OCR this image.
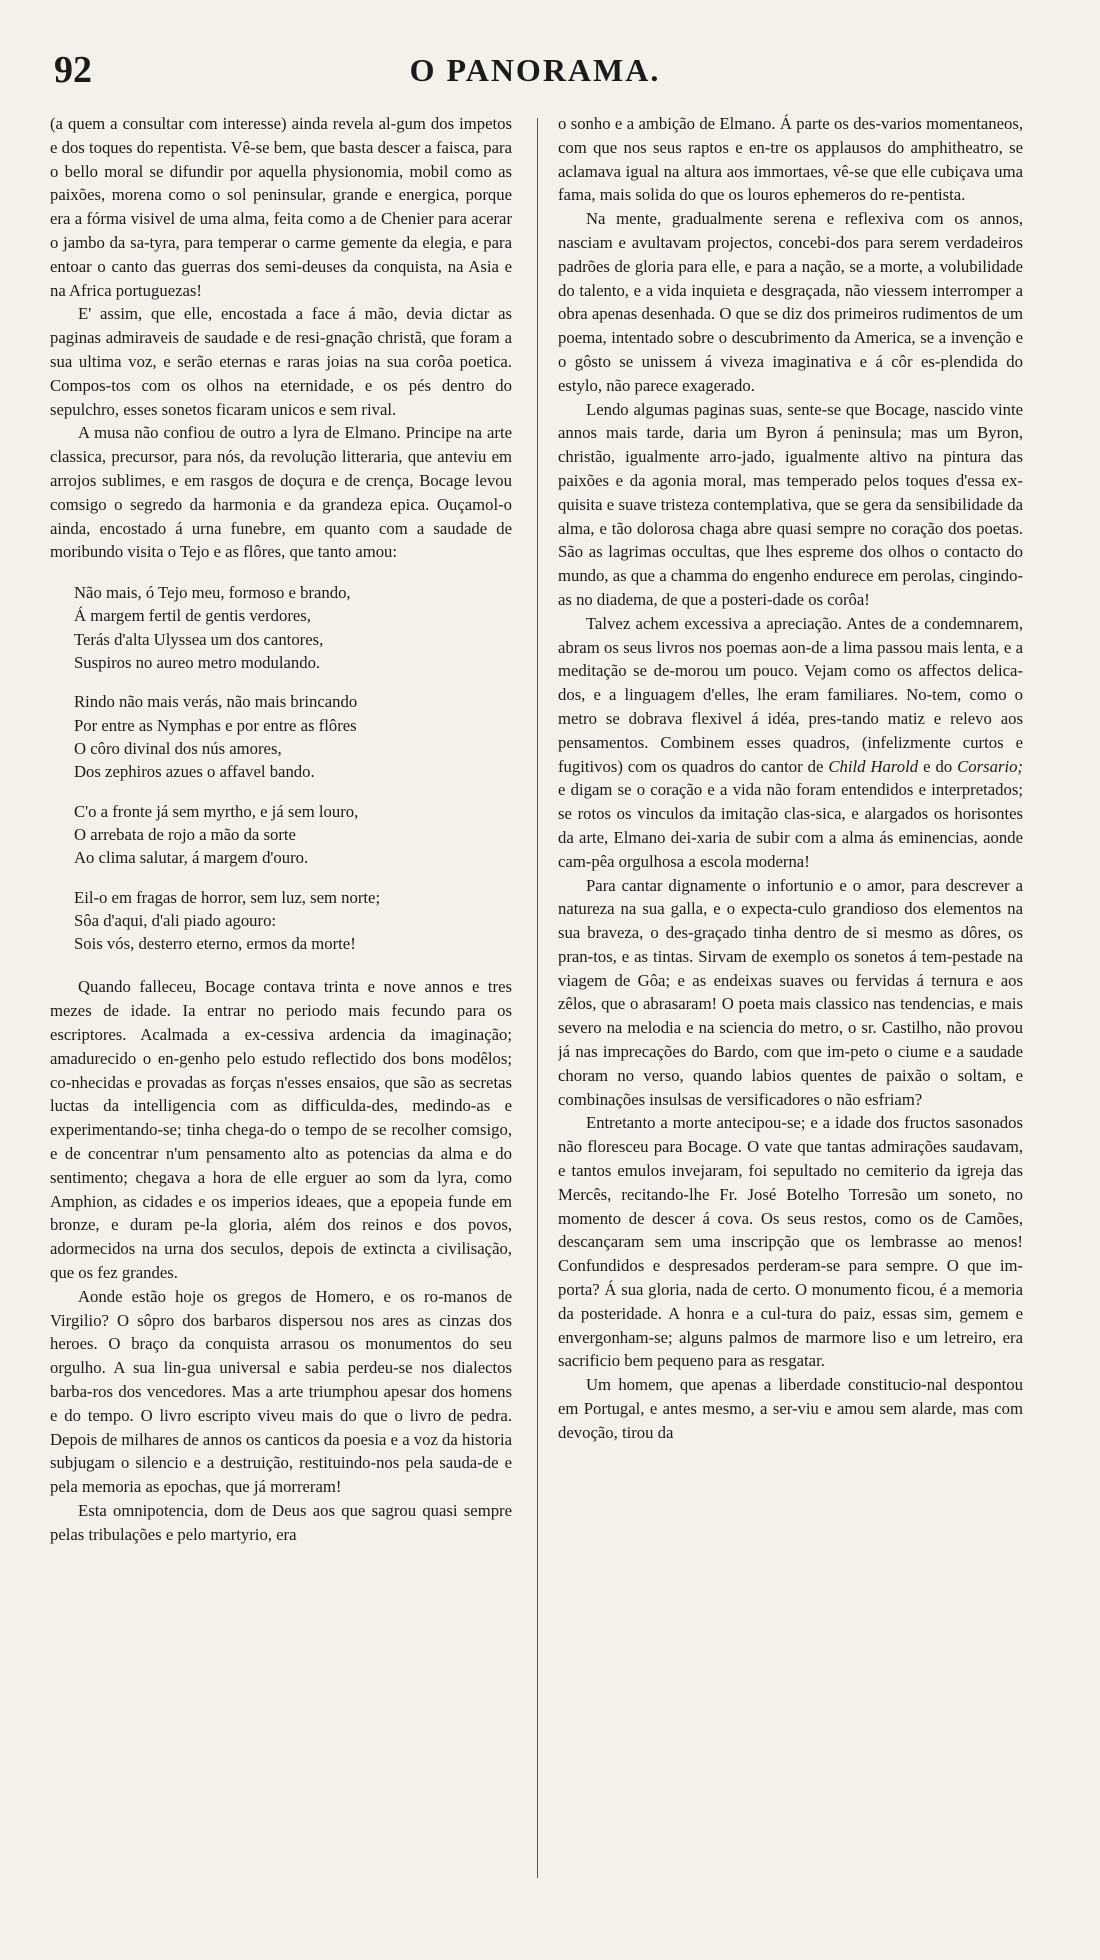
92	O PANORAMA.

(a quem a consultar com interesse) ainda revela al-gum dos impetos e dos toques do repentista. Vê-se bem, que basta descer a faisca, para o bello moral se difundir por aquella physionomia, mobil como as paixões, morena como o sol peninsular, grande e energica, porque era a fórma visivel de uma alma, feita como a de Chenier para acerar o jambo da sa-tyra, para temperar o carme gemente da elegia, e para entoar o canto das guerras dos semi-deuses da conquista, na Asia e na Africa portuguezas!

E' assim, que elle, encostada a face á mão, devia dictar as paginas admiraveis de saudade e de resi-gnação christã, que foram a sua ultima voz, e serão eternas e raras joias na sua corôa poetica. Compos-tos com os olhos na eternidade, e os pés dentro do sepulchro, esses sonetos ficaram unicos e sem rival.

A musa não confiou de outro a lyra de Elmano. Principe na arte classica, precursor, para nós, da revolução litteraria, que anteviu em arrojos sublimes, e em rasgos de doçura e de crença, Bocage levou comsigo o segredo da harmonia e da grandeza epica. Ouçamol-o ainda, encostado á urna funebre, em quanto com a saudade de moribundo visita o Tejo e as flôres, que tanto amou:

Não mais, ó Tejo meu, formoso e brando,
Á margem fertil de gentis verdores,
Terás d'alta Ulyssea um dos cantores,
Suspiros no aureo metro modulando.
Rindo não mais verás, não mais brincando
Por entre as Nymphas e por entre as flôres
O côro divinal dos nús amores,
Dos zephiros azues o affavel bando.
C'o a fronte já sem myrtho, e já sem louro,
O arrebata de rojo a mão da sorte
Ao clima salutar, á margem d'ouro.
Eil-o em fragas de horror, sem luz, sem norte;
Sôa d'aqui, d'ali piado agouro:
Sois vós, desterro eterno, ermos da morte!

Quando falleceu, Bocage contava trinta e nove annos e tres mezes de idade. Ia entrar no periodo mais fecundo para os escriptores. Acalmada a ex-cessiva ardencia da imaginação; amadurecido o en-genho pelo estudo reflectido dos bons modêlos; co-nhecidas e provadas as forças n'esses ensaios, que são as secretas luctas da intelligencia com as difficulda-des, medindo-as e experimentando-se; tinha chega-do o tempo de se recolher comsigo, e de concentrar n'um pensamento alto as potencias da alma e do sentimento; chegava a hora de elle erguer ao som da lyra, como Amphion, as cidades e os imperios ideaes, que a epopeia funde em bronze, e duram pe-la gloria, além dos reinos e dos povos, adormecidos na urna dos seculos, depois de extincta a civilisação, que os fez grandes.

Aonde estão hoje os gregos de Homero, e os ro-manos de Virgilio? O sôpro dos barbaros dispersou nos ares as cinzas dos heroes. O braço da conquista arrasou os monumentos do seu orgulho. A sua lin-gua universal e sabia perdeu-se nos dialectos barba-ros dos vencedores. Mas a arte triumphou apesar dos homens e do tempo. O livro escripto viveu mais do que o livro de pedra. Depois de milhares de annos os canticos da poesia e a voz da historia subjugam o silencio e a destruição, restituindo-nos pela sauda-de e pela memoria as epochas, que já morreram!

Esta omnipotencia, dom de Deus aos que sagrou quasi sempre pelas tribulações e pelo martyrio, era

o sonho e a ambição de Elmano. Á parte os des-varios momentaneos, com que nos seus raptos e en-tre os applausos do amphitheatro, se aclamava igual na altura aos immortaes, vê-se que elle cubiçava uma fama, mais solida do que os louros ephemeros do re-pentista.

Na mente, gradualmente serena e reflexiva com os annos, nasciam e avultavam projectos, concebi-dos para serem verdadeiros padrões de gloria para elle, e para a nação, se a morte, a volubilidade do talento, e a vida inquieta e desgraçada, não viessem interromper a obra apenas desenhada. O que se diz dos primeiros rudimentos de um poema, intentado sobre o descubrimento da America, se a invenção e o gôsto se unissem á viveza imaginativa e á côr es-plendida do estylo, não parece exagerado.

Lendo algumas paginas suas, sente-se que Bocage, nascido vinte annos mais tarde, daria um Byron á peninsula; mas um Byron, christão, igualmente arro-jado, igualmente altivo na pintura das paixões e da agonia moral, mas temperado pelos toques d'essa ex-quisita e suave tristeza contemplativa, que se gera da sensibilidade da alma, e tão dolorosa chaga abre quasi sempre no coração dos poetas. São as lagrimas occultas, que lhes espreme dos olhos o contacto do mundo, as que a chamma do engenho endurece em perolas, cingindo-as no diadema, de que a posteri-dade os corôa!

Talvez achem excessiva a apreciação. Antes de a condemnarem, abram os seus livros nos poemas aon-de a lima passou mais lenta, e a meditação se de-morou um pouco. Vejam como os affectos delica-dos, e a linguagem d'elles, lhe eram familiares. No-tem, como o metro se dobrava flexivel á idéa, pres-tando matiz e relevo aos pensamentos. Combinem esses quadros, (infelizmente curtos e fugitivos) com os quadros do cantor de Child Harold e do Corsario; e digam se o coração e a vida não foram entendidos e interpretados; se rotos os vinculos da imitação clas-sica, e alargados os horisontes da arte, Elmano dei-xaria de subir com a alma ás eminencias, aonde cam-pêa orgulhosa a escola moderna!

Para cantar dignamente o infortunio e o amor, para descrever a natureza na sua galla, e o expecta-culo grandioso dos elementos na sua braveza, o des-graçado tinha dentro de si mesmo as dôres, os pran-tos, e as tintas. Sirvam de exemplo os sonetos á tem-pestade na viagem de Gôa; e as endeixas suaves ou fervidas á ternura e aos zêlos, que o abrasaram! O poeta mais classico nas tendencias, e mais severo na melodia e na sciencia do metro, o sr. Castilho, não provou já nas imprecações do Bardo, com que im-peto o ciume e a saudade choram no verso, quando labios quentes de paixão o soltam, e combinações insulsas de versificadores o não esfriam?

Entretanto a morte antecipou-se; e a idade dos fructos sasonados não floresceu para Bocage. O vate que tantas admirações saudavam, e tantos emulos invejaram, foi sepultado no cemiterio da igreja das Mercês, recitando-lhe Fr. José Botelho Torresão um soneto, no momento de descer á cova. Os seus restos, como os de Camões, descançaram sem uma inscripção que os lembrasse ao menos! Confundidos e despresados perderam-se para sempre. O que im-porta? Á sua gloria, nada de certo. O monumento ficou, é a memoria da posteridade. A honra e a cul-tura do paiz, essas sim, gemem e envergonham-se; alguns palmos de marmore liso e um letreiro, era sacrificio bem pequeno para as resgatar.

Um homem, que apenas a liberdade constitucio-nal despontou em Portugal, e antes mesmo, a ser-viu e amou sem alarde, mas com devoção, tirou da
